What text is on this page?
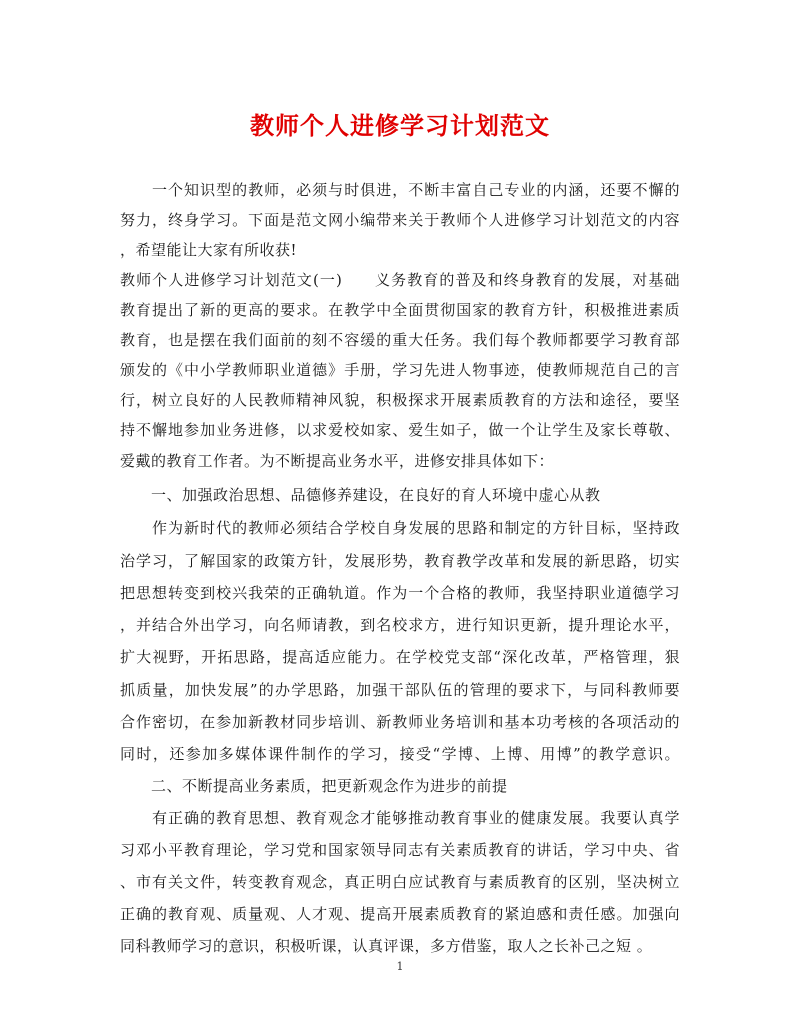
教师个人进修学习计划范文
　　一个知识型的教师，必须与时俱进，不断丰富自己专业的内涵，还要不懈的
努力，终身学习。下面是范文网小编带来关于教师个人进修学习计划范文的内容
，希望能让大家有所收获!
教师个人进修学习计划范文(一)　　义务教育的普及和终身教育的发展，对基础
教育提出了新的更高的要求。在教学中全面贯彻国家的教育方针，积极推进素质
教育，也是摆在我们面前的刻不容缓的重大任务。我们每个教师都要学习教育部
颁发的《中小学教师职业道德》手册，学习先进人物事迹，使教师规范自己的言
行，树立良好的人民教师精神风貌，积极探求开展素质教育的方法和途径，要坚
持不懈地参加业务进修，以求爱校如家、爱生如子，做一个让学生及家长尊敬、
爱戴的教育工作者。为不断提高业务水平，进修安排具体如下：
　　一、加强政治思想、品德修养建设，在良好的育人环境中虚心从教
　　作为新时代的教师必须结合学校自身发展的思路和制定的方针目标，坚持政
治学习，了解国家的政策方针，发展形势，教育教学改革和发展的新思路，切实
把思想转变到校兴我荣的正确轨道。作为一个合格的教师，我坚持职业道德学习
，并结合外出学习，向名师请教，到名校求方，进行知识更新，提升理论水平，
扩大视野，开拓思路，提高适应能力。在学校党支部“深化改革，严格管理，狠
抓质量，加快发展”的办学思路，加强干部队伍的管理的要求下，与同科教师要
合作密切，在参加新教材同步培训、新教师业务培训和基本功考核的各项活动的
同时，还参加多媒体课件制作的学习，接受“学博、上博、用博”的教学意识。
　　二、不断提高业务素质，把更新观念作为进步的前提
　　有正确的教育思想、教育观念才能够推动教育事业的健康发展。我要认真学
习邓小平教育理论，学习党和国家领导同志有关素质教育的讲话，学习中央、省
、市有关文件，转变教育观念，真正明白应试教育与素质教育的区别，坚决树立
正确的教育观、质量观、人才观、提高开展素质教育的紧迫感和责任感。加强向
同科教师学习的意识，积极听课，认真评课，多方借鉴，取人之长补己之短 。
1
